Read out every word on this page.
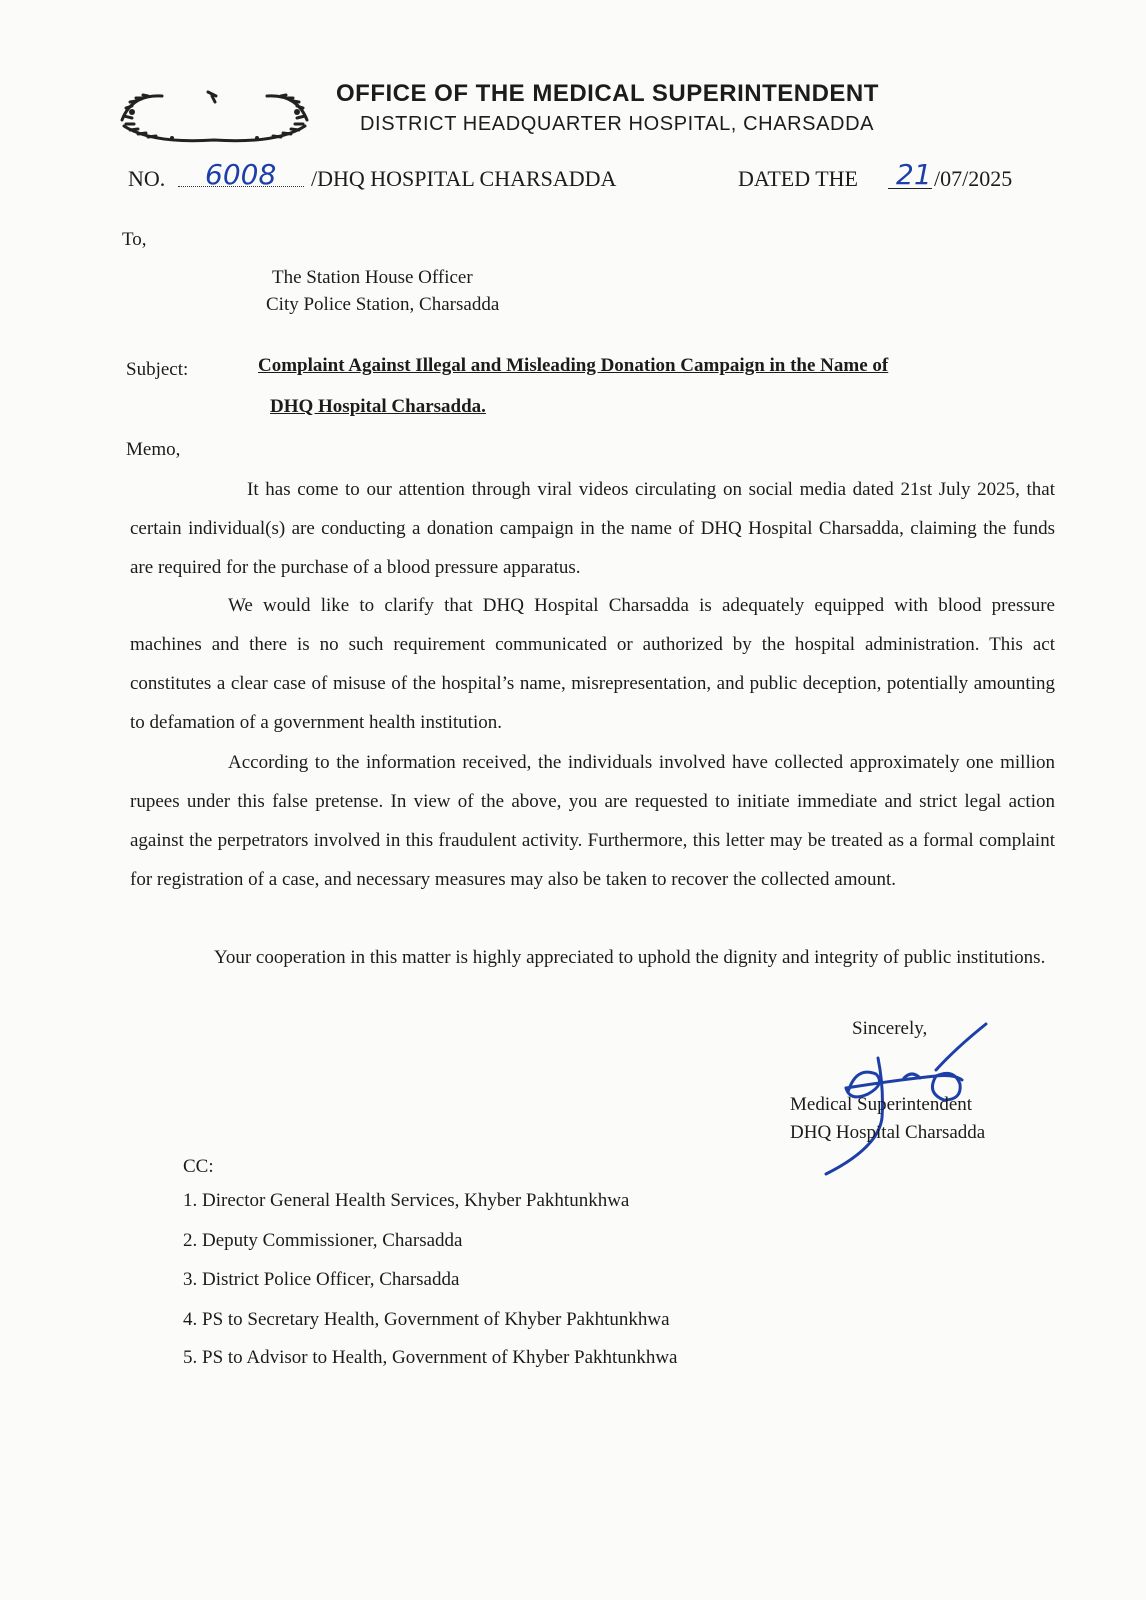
OFFICE OF THE MEDICAL SUPERINTENDENT
DISTRICT HEADQUARTER HOSPITAL, CHARSADDA
NO. 6008 /DHQ HOSPITAL CHARSADDA	DATED THE 21 /07/2025
To,
The Station House Officer
City Police Station, Charsadda
Subject:	Complaint Against Illegal and Misleading Donation Campaign in the Name of
DHQ Hospital Charsadda.
Memo,
It has come to our attention through viral videos circulating on social media dated 21st July 2025, that certain individual(s) are conducting a donation campaign in the name of DHQ Hospital Charsadda, claiming the funds are required for the purchase of a blood pressure apparatus.
We would like to clarify that DHQ Hospital Charsadda is adequately equipped with blood pressure machines and there is no such requirement communicated or authorized by the hospital administration. This act constitutes a clear case of misuse of the hospital’s name, misrepresentation, and public deception, potentially amounting to defamation of a government health institution.
According to the information received, the individuals involved have collected approximately one million rupees under this false pretense. In view of the above, you are requested to initiate immediate and strict legal action against the perpetrators involved in this fraudulent activity. Furthermore, this letter may be treated as a formal complaint for registration of a case, and necessary measures may also be taken to recover the collected amount.
Your cooperation in this matter is highly appreciated to uphold the dignity and integrity of public institutions.
Sincerely,
Medical Superintendent
DHQ Hospital Charsadda
CC:
1. Director General Health Services, Khyber Pakhtunkhwa
2. Deputy Commissioner, Charsadda
3. District Police Officer, Charsadda
4. PS to Secretary Health, Government of Khyber Pakhtunkhwa
5. PS to Advisor to Health, Government of Khyber Pakhtunkhwa
